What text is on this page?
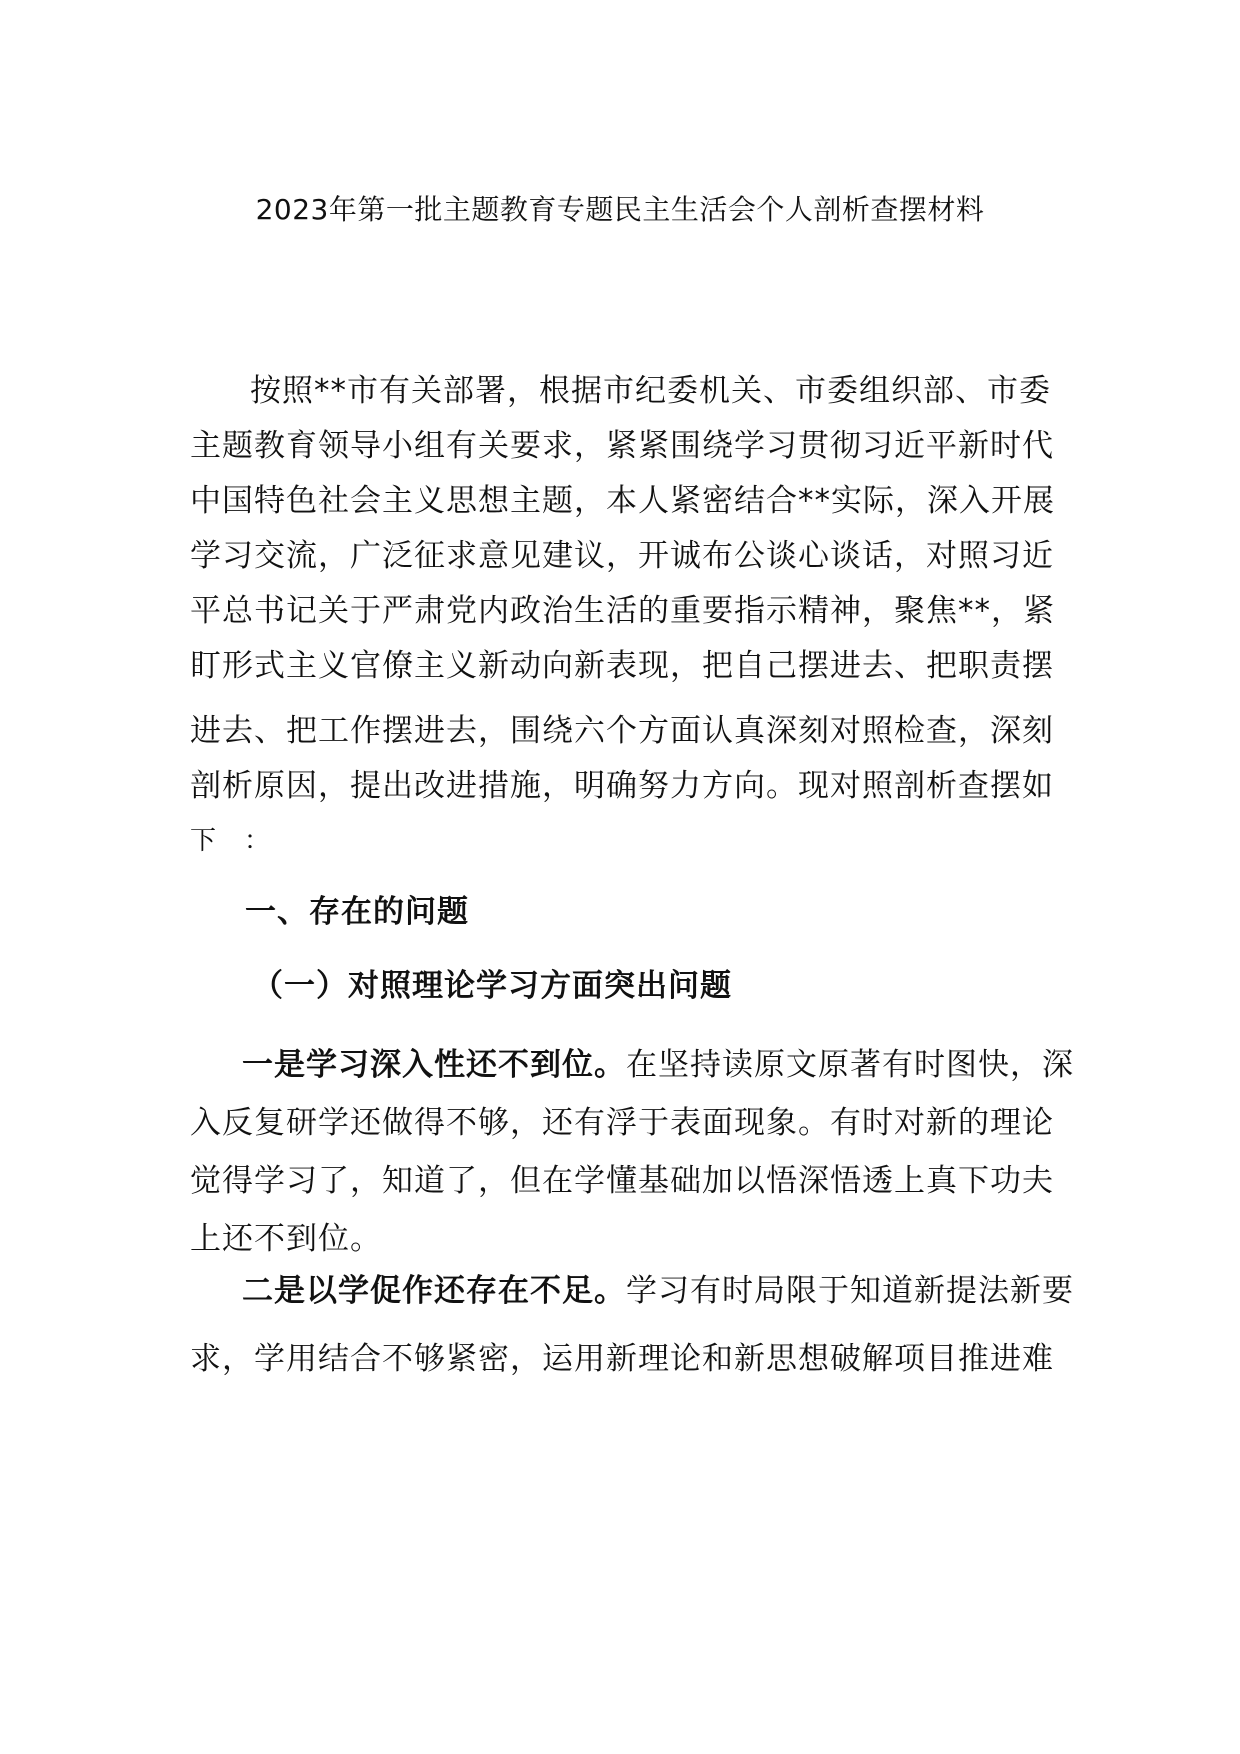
2023年第一批主题教育专题民主生活会个人剖析查摆材料
按照**市有关部署，根据市纪委机关、市委组织部、市委
主题教育领导小组有关要求，紧紧围绕学习贯彻习近平新时代
中国特色社会主义思想主题，本人紧密结合**实际，深入开展
学习交流，广泛征求意见建议，开诚布公谈心谈话，对照习近
平总书记关于严肃党内政治生活的重要指示精神，聚焦**，紧
盯形式主义官僚主义新动向新表现，把自己摆进去、把职责摆
进去、把工作摆进去，围绕六个方面认真深刻对照检查，深刻
剖析原因，提出改进措施，明确努力方向。现对照剖析查摆如
下　：
一、存在的问题
（一）对照理论学习方面突出问题
一是学习深入性还不到位。在坚持读原文原著有时图快，深
入反复研学还做得不够，还有浮于表面现象。有时对新的理论
觉得学习了，知道了，但在学懂基础加以悟深悟透上真下功夫
上还不到位。
二是以学促作还存在不足。学习有时局限于知道新提法新要
求，学用结合不够紧密，运用新理论和新思想破解项目推进难
